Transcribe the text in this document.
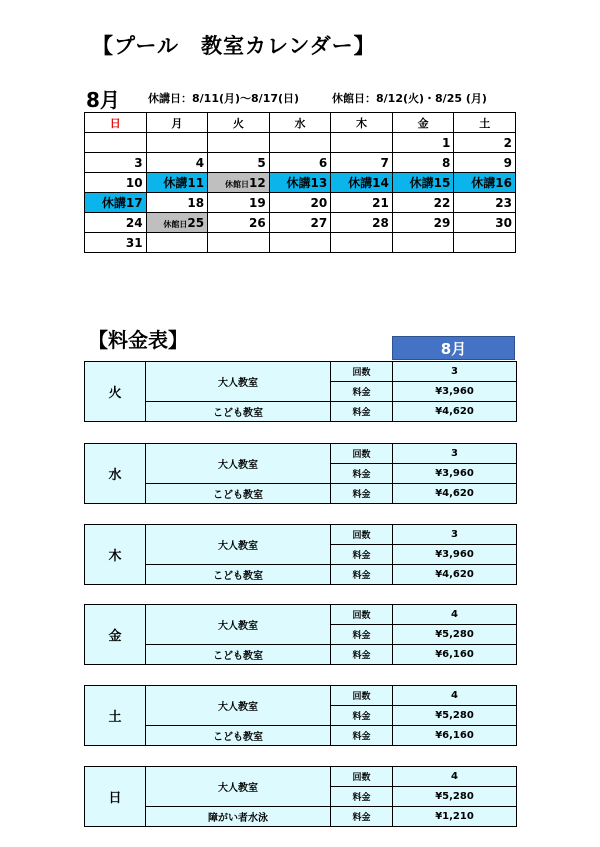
【プール　教室カレンダー】
8月	休講日：8/11(月)～8/17(日)	休館日：8/12(火)・8/25 (月)
日	月	火	水	木	金	土
					1	2
3	4	5	6	7	8	9
10	休講11	休館日12	休講13	休講14	休講15	休講16
休講17	18	19	20	21	22	23
24	休館日25	26	27	28	29	30
31						
【料金表】	8月
火	大人教室	回数	3
		料金	¥3,960
	こども教室	料金	¥4,620
水	大人教室	回数	3
		料金	¥3,960
	こども教室	料金	¥4,620
木	大人教室	回数	3
		料金	¥3,960
	こども教室	料金	¥4,620
金	大人教室	回数	4
		料金	¥5,280
	こども教室	料金	¥6,160
土	大人教室	回数	4
		料金	¥5,280
	こども教室	料金	¥6,160
日	大人教室	回数	4
		料金	¥5,280
	障がい者水泳	料金	¥1,210
